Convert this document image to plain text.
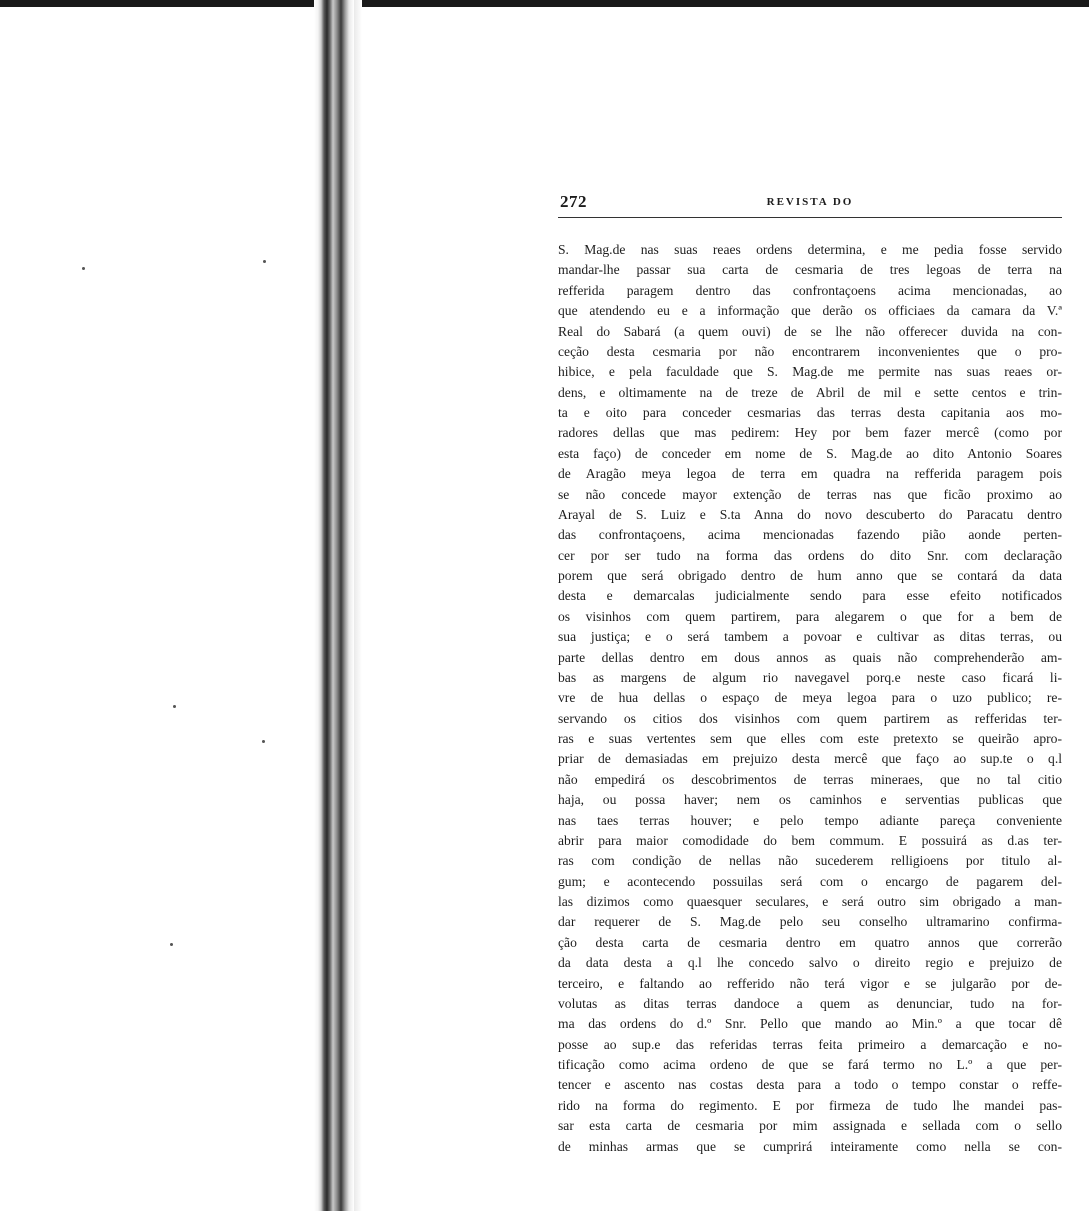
272	REVISTA DO
S. Mag.de nas suas reaes ordens determina, e me pedia fosse servido
mandar-lhe passar sua carta de cesmaria de tres legoas de terra na
refferida paragem dentro das confrontaçoens acima mencionadas, ao
que atendendo eu e a informação que derão os officiaes da camara da V.ª
Real do Sabará (a quem ouvi) de se lhe não offerecer duvida na con-
ceção desta cesmaria por não encontrarem inconvenientes que o pro-
hibice, e pela faculdade que S. Mag.de me permite nas suas reaes or-
dens, e oltimamente na de treze de Abril de mil e sette centos e trin-
ta e oito para conceder cesmarias das terras desta capitania aos mo-
radores dellas que mas pedirem: Hey por bem fazer mercê (como por
esta faço) de conceder em nome de S. Mag.de ao dito Antonio Soares
de Aragão meya legoa de terra em quadra na refferida paragem pois
se não concede mayor extenção de terras nas que ficão proximo ao
Arayal de S. Luiz e S.ta Anna do novo descuberto do Paracatu dentro
das confrontaçoens, acima mencionadas fazendo pião aonde perten-
cer por ser tudo na forma das ordens do dito Snr. com declaração
porem que será obrigado dentro de hum anno que se contará da data
desta e demarcalas judicialmente sendo para esse efeito notificados
os visinhos com quem partirem, para alegarem o que for a bem de
sua justiça; e o será tambem a povoar e cultivar as ditas terras, ou
parte dellas dentro em dous annos as quais não comprehenderão am-
bas as margens de algum rio navegavel porq.e neste caso ficará li-
vre de hua dellas o espaço de meya legoa para o uzo publico; re-
servando os citios dos visinhos com quem partirem as refferidas ter-
ras e suas vertentes sem que elles com este pretexto se queirão apro-
priar de demasiadas em prejuizo desta mercê que faço ao sup.te o q.l
não empedirá os descobrimentos de terras mineraes, que no tal citio
haja, ou possa haver; nem os caminhos e serventias publicas que
nas taes terras houver; e pelo tempo adiante pareça conveniente
abrir para maior comodidade do bem commum. E possuirá as d.as ter-
ras com condição de nellas não sucederem relligioens por titulo al-
gum; e acontecendo possuilas será com o encargo de pagarem del-
las dizimos como quaesquer seculares, e será outro sim obrigado a man-
dar requerer de S. Mag.de pelo seu conselho ultramarino confirma-
ção desta carta de cesmaria dentro em quatro annos que correrão
da data desta a q.l lhe concedo salvo o direito regio e prejuizo de
terceiro, e faltando ao refferido não terá vigor e se julgarão por de-
volutas as ditas terras dandoce a quem as denunciar, tudo na for-
ma das ordens do d.º Snr. Pello que mando ao Min.º a que tocar dê
posse ao sup.e das referidas terras feita primeiro a demarcação e no-
tificação como acima ordeno de que se fará termo no L.º a que per-
tencer e ascento nas costas desta para a todo o tempo constar o reffe-
rido na forma do regimento. E por firmeza de tudo lhe mandei pas-
sar esta carta de cesmaria por mim assignada e sellada com o sello
de minhas armas que se cumprirá inteiramente como nella se con-
